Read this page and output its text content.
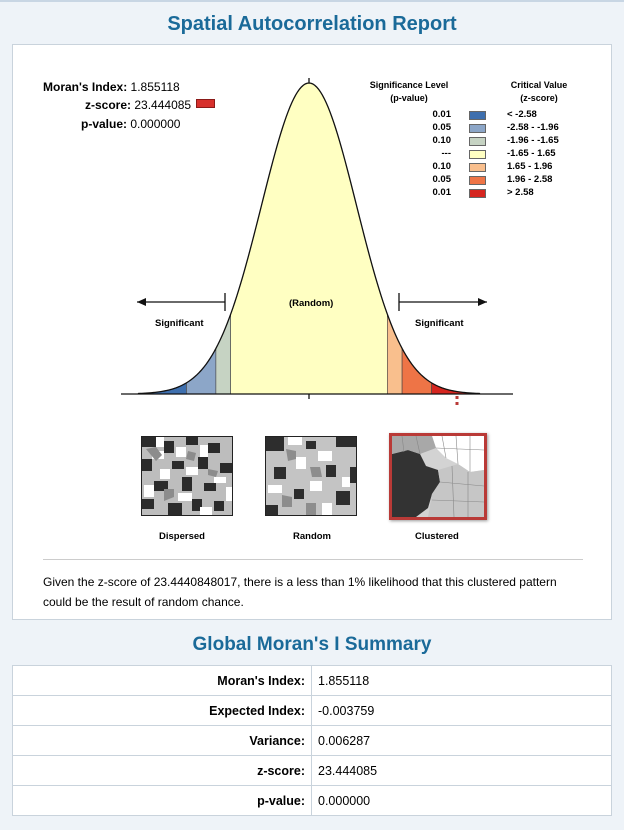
Spatial Autocorrelation Report
Moran's Index: 1.855118
z-score: 23.444085
p-value: 0.000000
Significance Level
(p-value)
Critical Value
(z-score)
0.01	< -2.58
0.05	-2.58 - -1.96
0.10	-1.96 - -1.65
---	-1.65 - 1.65
0.10	1.65 - 1.96
0.05	1.96 - 2.58
0.01	> 2.58
(Random)
Significant	Significant
Dispersed	Random	Clustered
Given the z-score of 23.4440848017, there is a less than 1% likelihood that this clustered pattern could be the result of random chance.
Global Moran's I Summary
Moran's Index:	1.855118
Expected Index:	-0.003759
Variance:	0.006287
z-score:	23.444085
p-value:	0.000000
